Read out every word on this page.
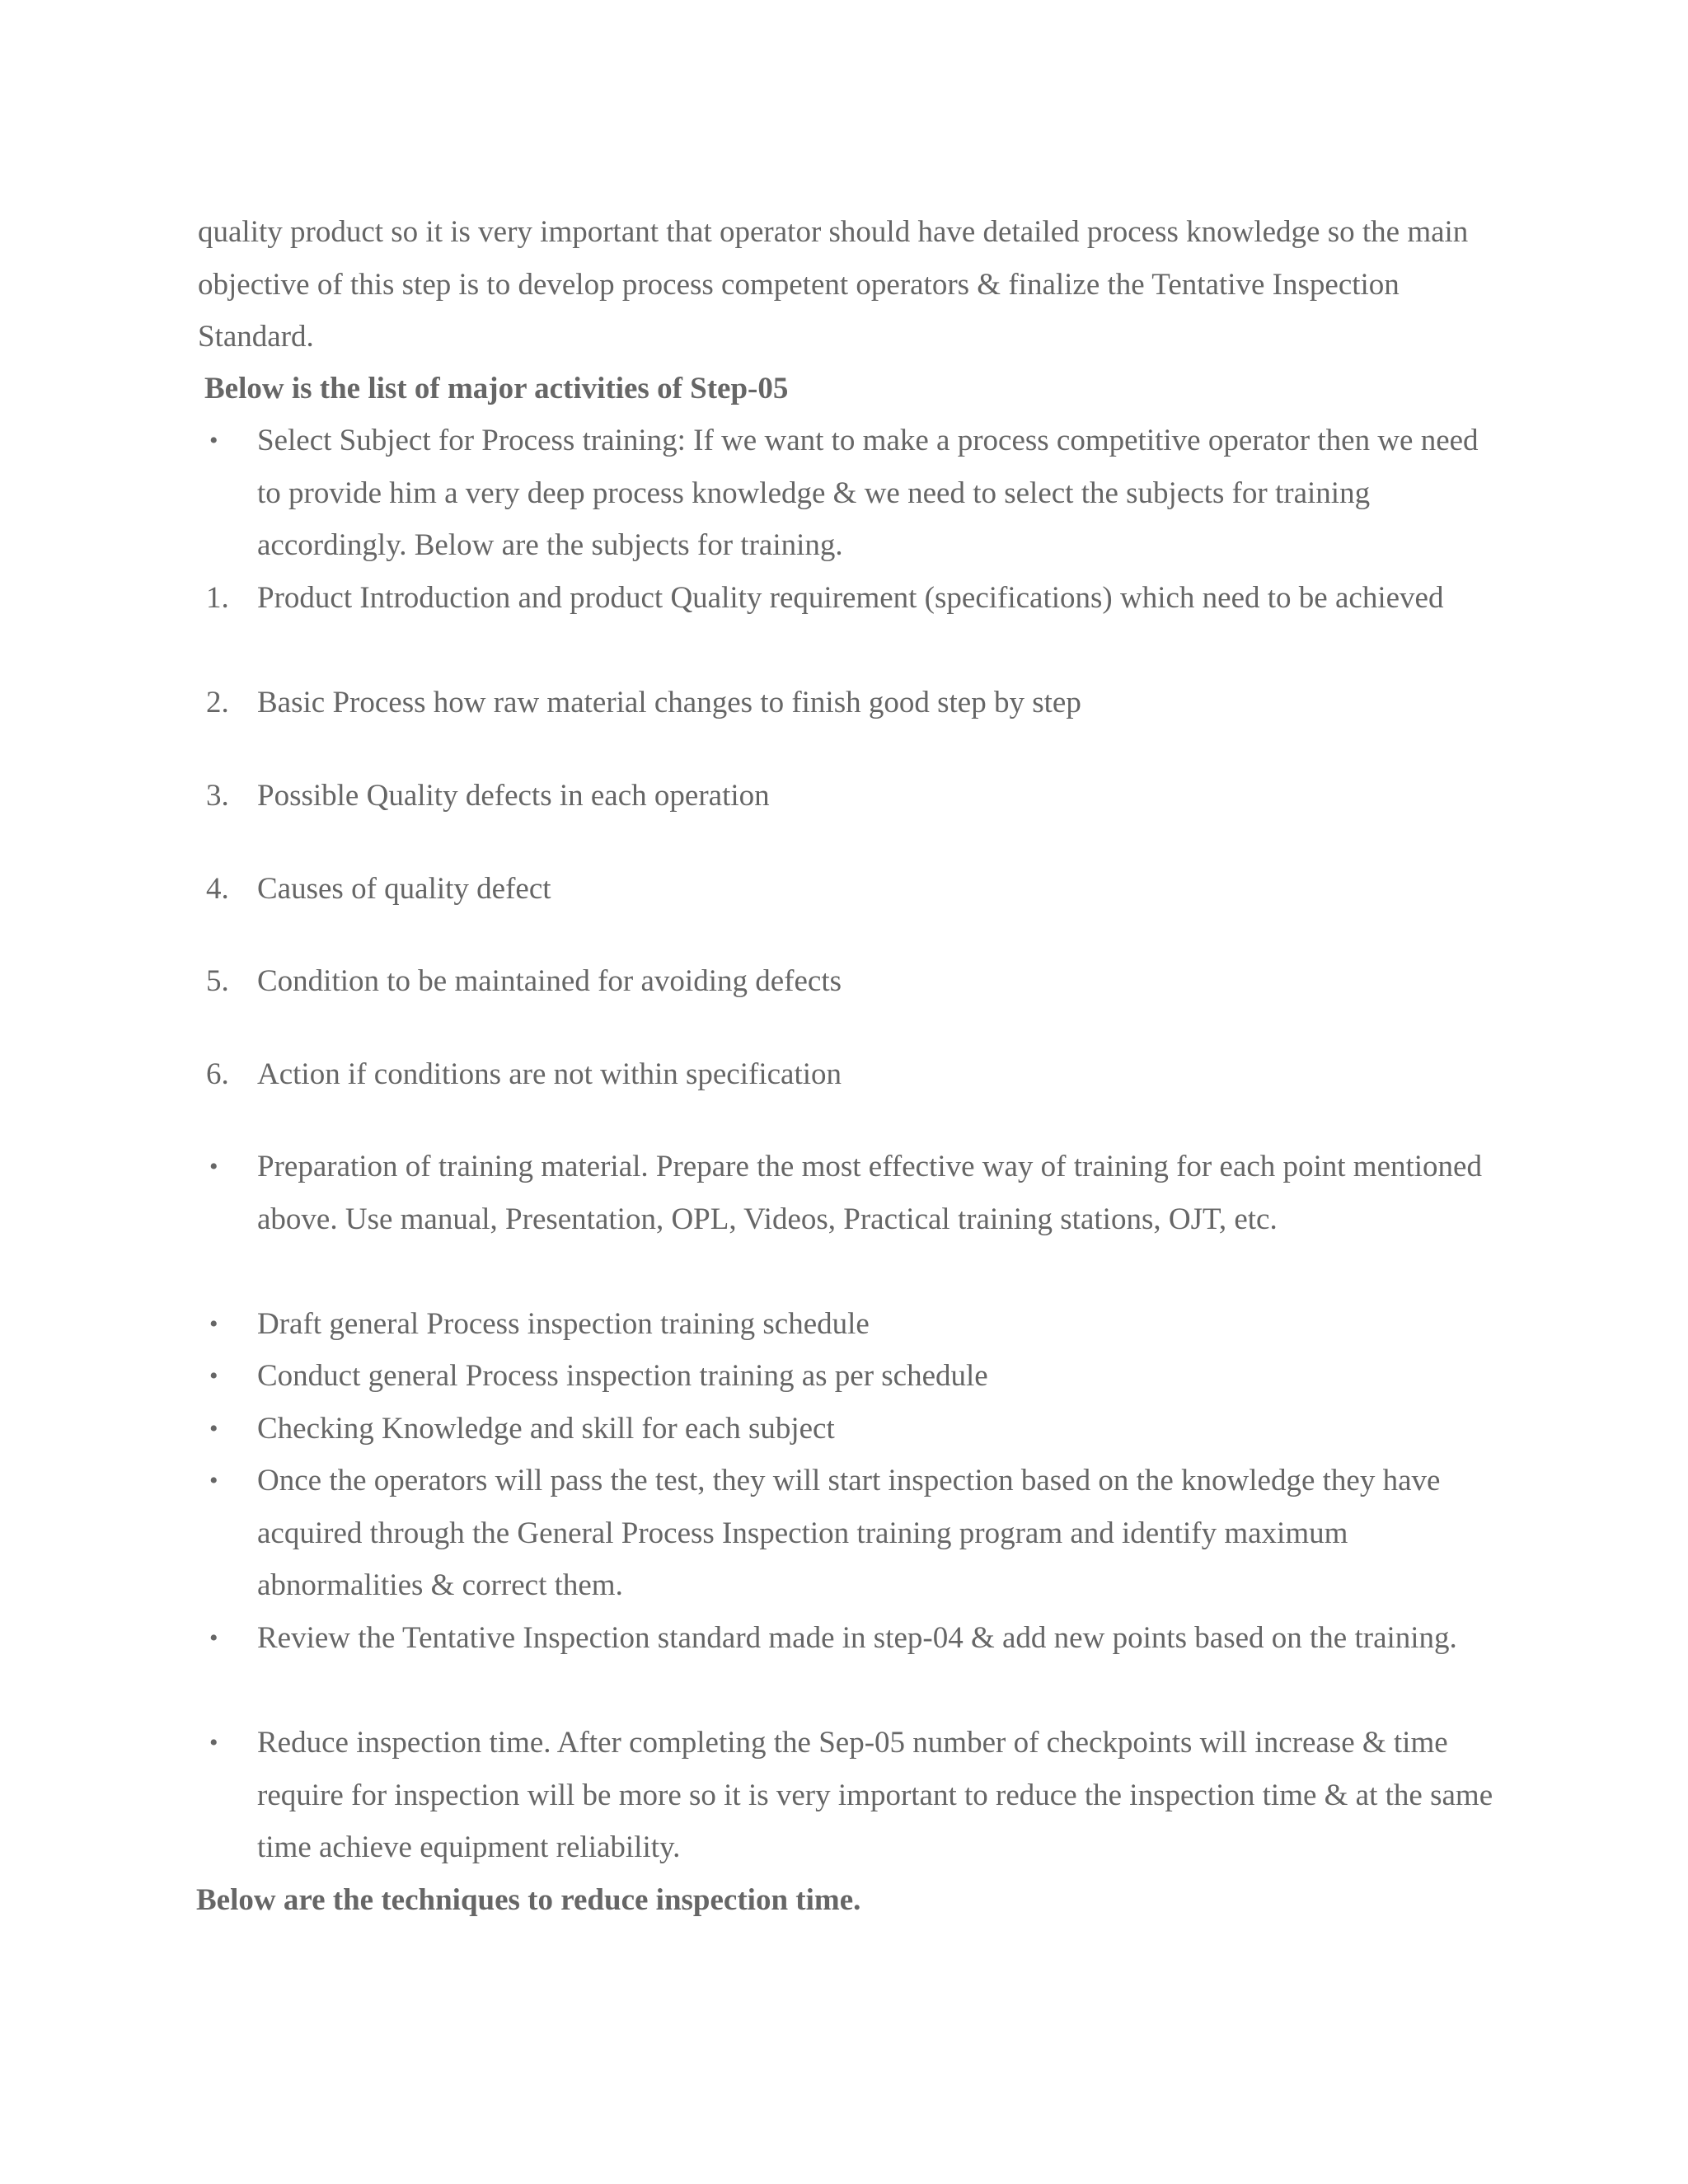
quality product so it is very important that operator should have detailed process knowledge so the main objective of this step is to develop process competent operators & finalize the Tentative Inspection Standard.

Below is the list of major activities of Step-05

•	Select Subject for Process training: If we want to make a process competitive operator then we need to provide him a very deep process knowledge & we need to select the subjects for training accordingly. Below are the subjects for training.
1. Product Introduction and product Quality requirement (specifications) which need to be achieved
2. Basic Process how raw material changes to finish good step by step
3. Possible Quality defects in each operation
4. Causes of quality defect
5. Condition to be maintained for avoiding defects
6. Action if conditions are not within specification
•	Preparation of training material. Prepare the most effective way of training for each point mentioned above. Use manual, Presentation, OPL, Videos, Practical training stations, OJT, etc.
•	Draft general Process inspection training schedule
•	Conduct general Process inspection training as per schedule
•	Checking Knowledge and skill for each subject
•	Once the operators will pass the test, they will start inspection based on the knowledge they have acquired through the General Process Inspection training program and identify maximum abnormalities & correct them.
•	Review the Tentative Inspection standard made in step-04 & add new points based on the training.
•	Reduce inspection time. After completing the Sep-05 number of checkpoints will increase & time require for inspection will be more so it is very important to reduce the inspection time & at the same time achieve equipment reliability.

Below are the techniques to reduce inspection time.
